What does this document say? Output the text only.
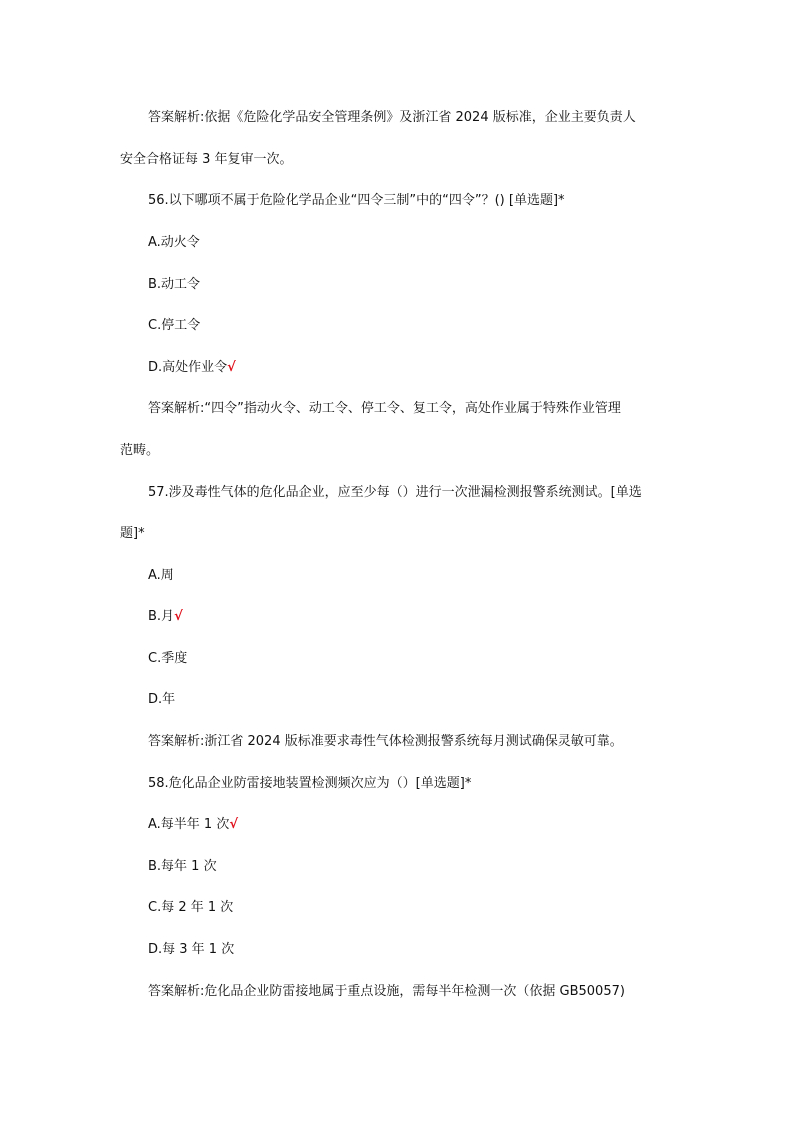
答案解析:依据《危险化学品安全管理条例》及浙江省 2024 版标准，企业主要负责人
安全合格证每 3 年复审一次。
56.以下哪项不属于危险化学品企业“四令三制”中的“四令”？() [单选题]*
A.动火令
B.动工令
C.停工令
D.高处作业令√
答案解析:“四令”指动火令、动工令、停工令、复工令，高处作业属于特殊作业管理
范畴。
57.涉及毒性气体的危化品企业，应至少每（）进行一次泄漏检测报警系统测试。[单选
题]*
A.周
B.月√
C.季度
D.年
答案解析:浙江省 2024 版标准要求毒性气体检测报警系统每月测试确保灵敏可靠。
58.危化品企业防雷接地装置检测频次应为（）[单选题]*
A.每半年 1 次√
B.每年 1 次
C.每 2 年 1 次
D.每 3 年 1 次
答案解析:危化品企业防雷接地属于重点设施，需每半年检测一次（依据 GB50057)
